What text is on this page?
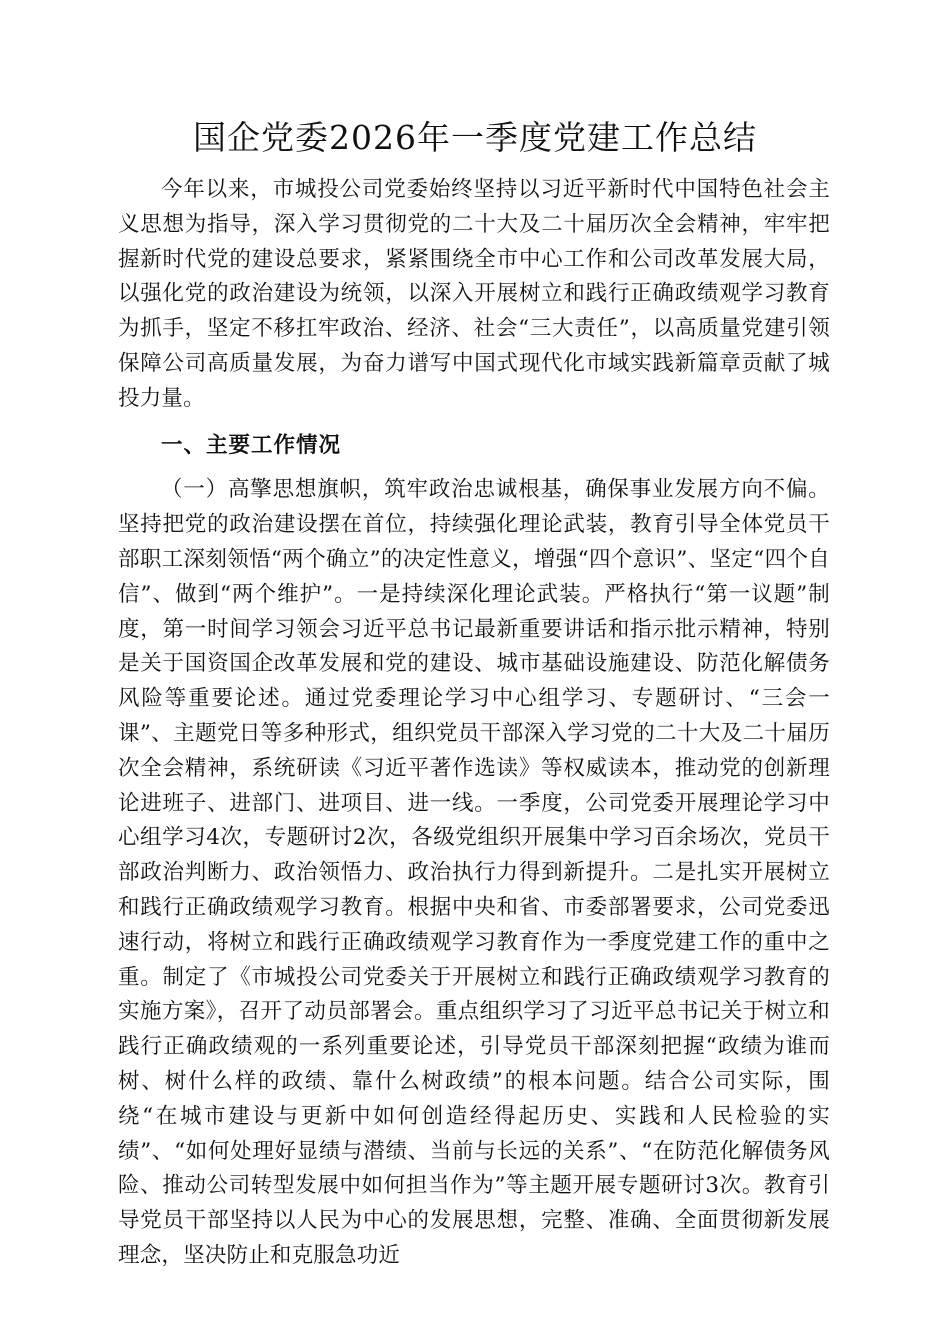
国企党委2026年一季度党建工作总结

今年以来，市城投公司党委始终坚持以习近平新时代中国特色社会主义思想为指导，深入学习贯彻党的二十大及二十届历次全会精神，牢牢把握新时代党的建设总要求，紧紧围绕全市中心工作和公司改革发展大局，以强化党的政治建设为统领，以深入开展树立和践行正确政绩观学习教育为抓手，坚定不移扛牢政治、经济、社会“三大责任”，以高质量党建引领保障公司高质量发展，为奋力谱写中国式现代化市域实践新篇章贡献了城投力量。

一、主要工作情况

（一）高擎思想旗帜，筑牢政治忠诚根基，确保事业发展方向不偏。坚持把党的政治建设摆在首位，持续强化理论武装，教育引导全体党员干部职工深刻领悟“两个确立”的决定性意义，增强“四个意识”、坚定“四个自信”、做到“两个维护”。一是持续深化理论武装。严格执行“第一议题”制度，第一时间学习领会习近平总书记最新重要讲话和指示批示精神，特别是关于国资国企改革发展和党的建设、城市基础设施建设、防范化解债务风险等重要论述。通过党委理论学习中心组学习、专题研讨、“三会一课”、主题党日等多种形式，组织党员干部深入学习党的二十大及二十届历次全会精神，系统研读《习近平著作选读》等权威读本，推动党的创新理论进班子、进部门、进项目、进一线。一季度，公司党委开展理论学习中心组学习4次，专题研讨2次，各级党组织开展集中学习百余场次，党员干部政治判断力、政治领悟力、政治执行力得到新提升。二是扎实开展树立和践行正确政绩观学习教育。根据中央和省、市委部署要求，公司党委迅速行动，将树立和践行正确政绩观学习教育作为一季度党建工作的重中之重。制定了《市城投公司党委关于开展树立和践行正确政绩观学习教育的实施方案》，召开了动员部署会。重点组织学习了习近平总书记关于树立和践行正确政绩观的一系列重要论述，引导党员干部深刻把握“政绩为谁而树、树什么样的政绩、靠什么树政绩”的根本问题。结合公司实际，围绕“在城市建设与更新中如何创造经得起历史、实践和人民检验的实绩”、“如何处理好显绩与潜绩、当前与长远的关系”、“在防范化解债务风险、推动公司转型发展中如何担当作为”等主题开展专题研讨3次。教育引导党员干部坚持以人民为中心的发展思想，完整、准确、全面贯彻新发展理念，坚决防止和克服急功近
